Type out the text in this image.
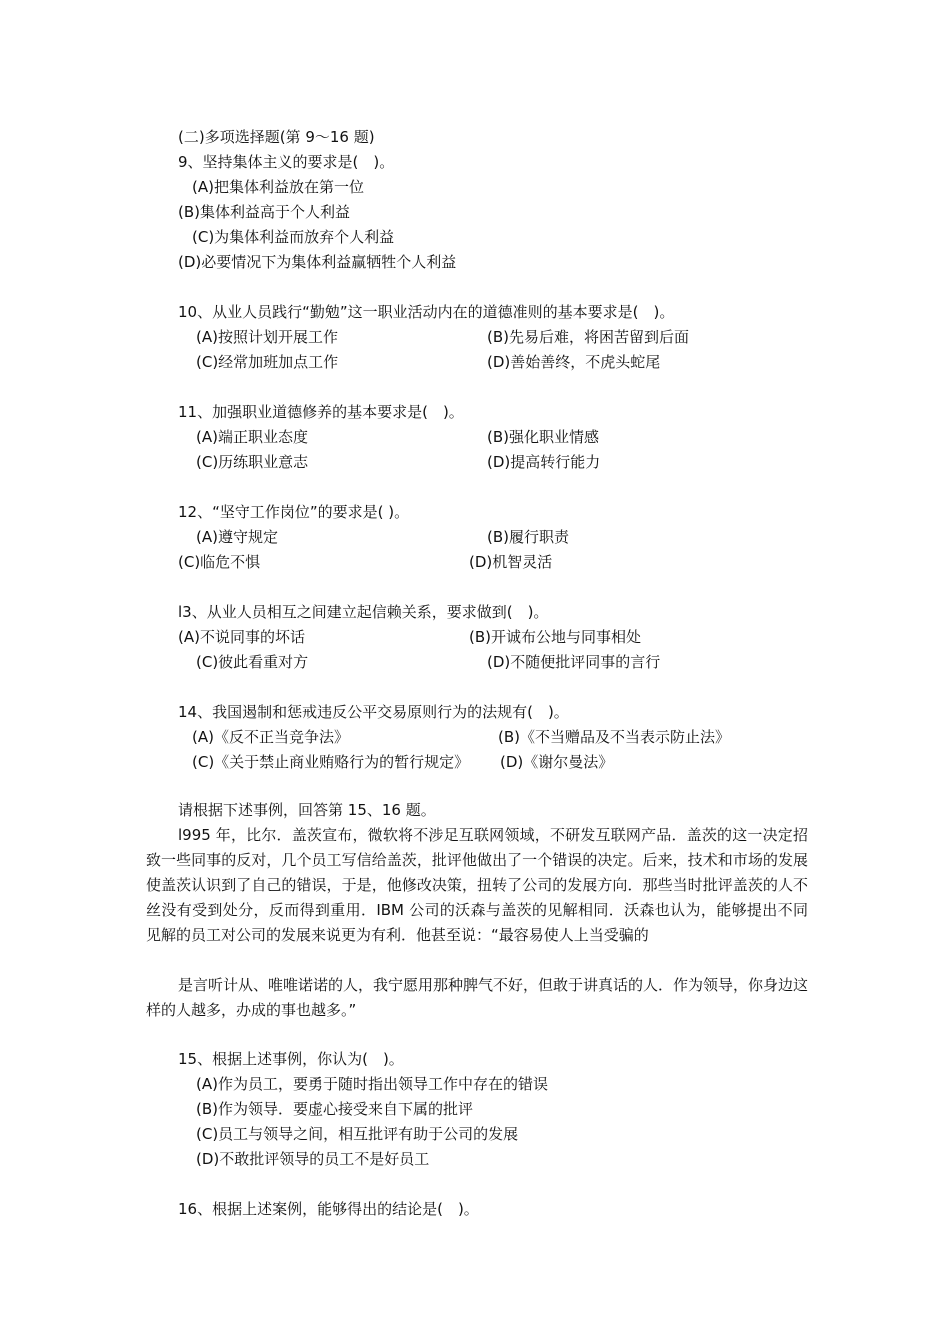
(二)多项选择题(第 9～16 题)
9、坚持集体主义的要求是(　)。
(A)把集体利益放在第一位
(B)集体利益高于个人利益
(C)为集体利益而放弃个人利益
(D)必要情况下为集体利益赢牺牲个人利益
10、从业人员践行“勤勉”这一职业活动内在的道德准则的基本要求是(　)。
(A)按照计划开展工作	(B)先易后难，将困苦留到后面
(C)经常加班加点工作	(D)善始善终，不虎头蛇尾
11、加强职业道德修养的基本要求是(　)。
(A)端正职业态度	(B)强化职业情感
(C)历练职业意志	(D)提高转行能力
12、“坚守工作岗位”的要求是( )。
(A)遵守规定	(B)履行职责
(C)临危不惧	(D)机智灵活
l3、从业人员相互之间建立起信赖关系，要求做到(　)。
(A)不说同事的坏话	(B)开诚布公地与同事相处
(C)彼此看重对方	(D)不随便批评同事的言行
14、我国遏制和惩戒违反公平交易原则行为的法规有(　)。
(A)《反不正当竞争法》	(B)《不当赠品及不当表示防止法》
(C)《关于禁止商业贿赂行为的暂行规定》 (D)《谢尔曼法》
请根据下述事例，回答第 15、16 题。
l995 年，比尔．盖茨宣布，微软将不涉足互联网领域，不研发互联网产品．盖茨的这一决定招致一些同事的反对，几个员工写信给盖茨，批评他做出了一个错误的决定。后来，技术和市场的发展使盖茨认识到了自己的错误，于是，他修改决策，扭转了公司的发展方向．那些当时批评盖茨的人不丝没有受到处分，反而得到重用．IBM 公司的沃森与盖茨的见解相同．沃森也认为，能够提出不同见解的员工对公司的发展来说更为有利．他甚至说：“最容易使人上当受骗的
是言听计从、唯唯诺诺的人，我宁愿用那种脾气不好，但敢于讲真话的人．作为领导，你身边这样的人越多，办成的事也越多。”
15、根据上述事例，你认为(　)。
(A)作为员工，要勇于随时指出领导工作中存在的错误
(B)作为领导．要虚心接受来自下属的批评
(C)员工与领导之间，相互批评有助于公司的发展
(D)不敢批评领导的员工不是好员工
16、根据上述案例，能够得出的结论是(　)。
